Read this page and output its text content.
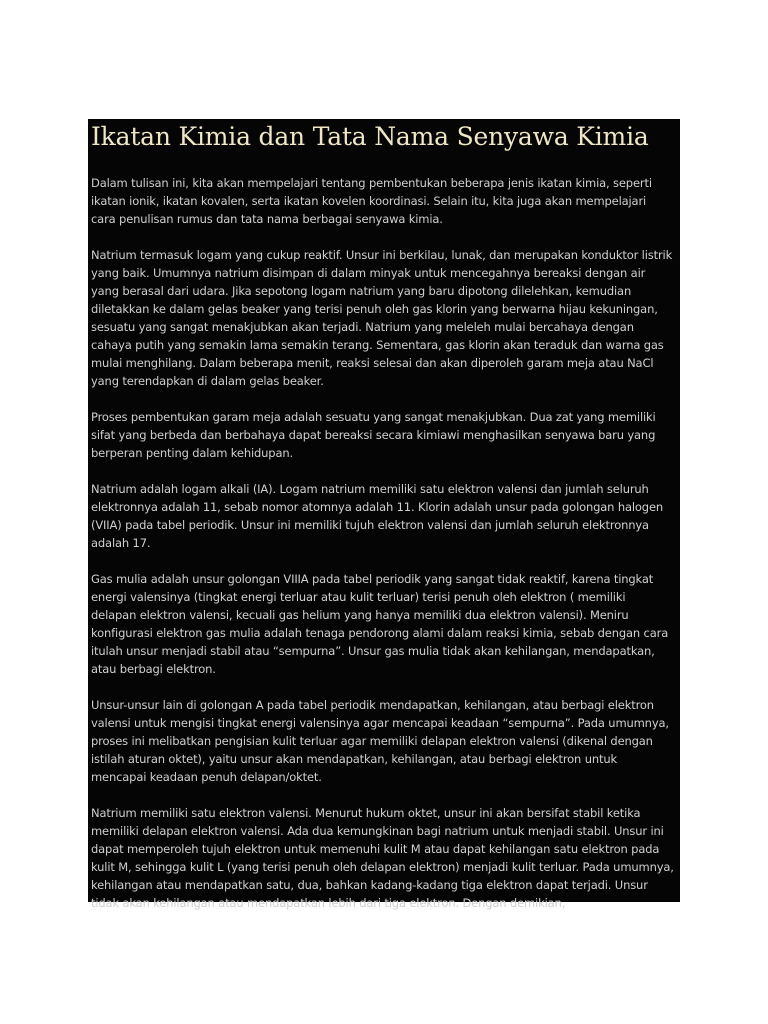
Ikatan Kimia dan Tata Nama Senyawa Kimia

Dalam tulisan ini, kita akan mempelajari tentang pembentukan beberapa jenis ikatan kimia, seperti ikatan ionik, ikatan kovalen, serta ikatan kovelen koordinasi. Selain itu, kita juga akan mempelajari cara penulisan rumus dan tata nama berbagai senyawa kimia.

Natrium termasuk logam yang cukup reaktif. Unsur ini berkilau, lunak, dan merupakan konduktor listrik yang baik. Umumnya natrium disimpan di dalam minyak untuk mencegahnya bereaksi dengan air yang berasal dari udara. Jika sepotong logam natrium yang baru dipotong dilelehkan, kemudian diletakkan ke dalam gelas beaker yang terisi penuh oleh gas klorin yang berwarna hijau kekuningan, sesuatu yang sangat menakjubkan akan terjadi. Natrium yang meleleh mulai bercahaya dengan cahaya putih yang semakin lama semakin terang. Sementara, gas klorin akan teraduk dan warna gas mulai menghilang. Dalam beberapa menit, reaksi selesai dan akan diperoleh garam meja atau NaCl yang terendapkan di dalam gelas beaker.

Proses pembentukan garam meja adalah sesuatu yang sangat menakjubkan. Dua zat yang memiliki sifat yang berbeda dan berbahaya dapat bereaksi secara kimiawi menghasilkan senyawa baru yang berperan penting dalam kehidupan.

Natrium adalah logam alkali (IA). Logam natrium memiliki satu elektron valensi dan jumlah seluruh elektronnya adalah 11, sebab nomor atomnya adalah 11. Klorin adalah unsur pada golongan halogen (VIIA) pada tabel periodik. Unsur ini memiliki tujuh elektron valensi dan jumlah seluruh elektronnya adalah 17.

Gas mulia adalah unsur golongan VIIIA pada tabel periodik yang sangat tidak reaktif, karena tingkat energi valensinya (tingkat energi terluar atau kulit terluar) terisi penuh oleh elektron ( memiliki delapan elektron valensi, kecuali gas helium yang hanya memiliki dua elektron valensi). Meniru konfigurasi elektron gas mulia adalah tenaga pendorong alami dalam reaksi kimia, sebab dengan cara itulah unsur menjadi stabil atau “sempurna”. Unsur gas mulia tidak akan kehilangan, mendapatkan, atau berbagi elektron.

Unsur-unsur lain di golongan A pada tabel periodik mendapatkan, kehilangan, atau berbagi elektron valensi untuk mengisi tingkat energi valensinya agar mencapai keadaan “sempurna”. Pada umumnya, proses ini melibatkan pengisian kulit terluar agar memiliki delapan elektron valensi (dikenal dengan istilah aturan oktet), yaitu unsur akan mendapatkan, kehilangan, atau berbagi elektron untuk mencapai keadaan penuh delapan/oktet.

Natrium memiliki satu elektron valensi. Menurut hukum oktet, unsur ini akan bersifat stabil ketika memiliki delapan elektron valensi. Ada dua kemungkinan bagi natrium untuk menjadi stabil. Unsur ini dapat memperoleh tujuh elektron untuk memenuhi kulit M atau dapat kehilangan satu elektron pada kulit M, sehingga kulit L (yang terisi penuh oleh delapan elektron) menjadi kulit terluar. Pada umumnya, kehilangan atau mendapatkan satu, dua, bahkan kadang-kadang tiga elektron dapat terjadi. Unsur tidak akan kehilangan atau mendapatkan lebih dari tiga elektron. Dengan demikian,
